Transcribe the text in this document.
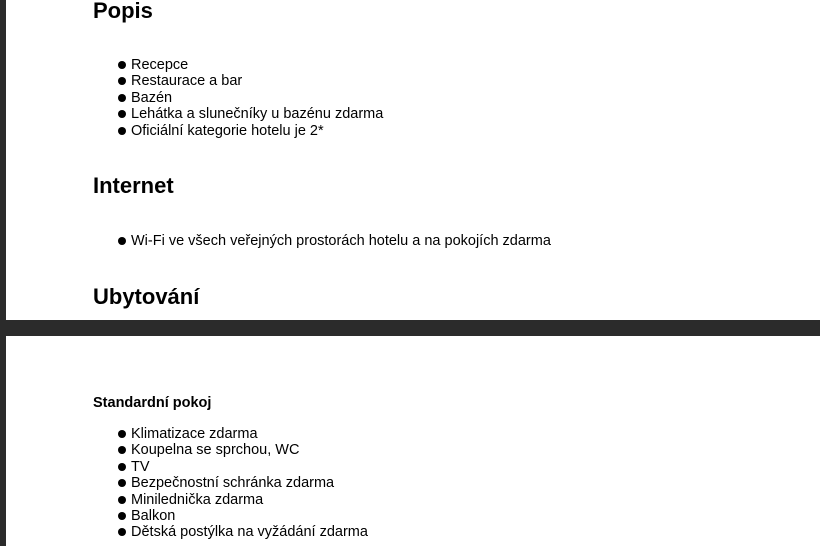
Popis
Recepce
Restaurace a bar
Bazén
Lehátka a slunečníky u bazénu zdarma
Oficiální kategorie hotelu je 2*
Internet
Wi-Fi ve všech veřejných prostorách hotelu a na pokojích zdarma
Ubytování
Standardní pokoj
Klimatizace zdarma
Koupelna se sprchou, WC
TV
Bezpečnostní schránka zdarma
Minilednička zdarma
Balkon
Dětská postýlka na vyžádání zdarma
